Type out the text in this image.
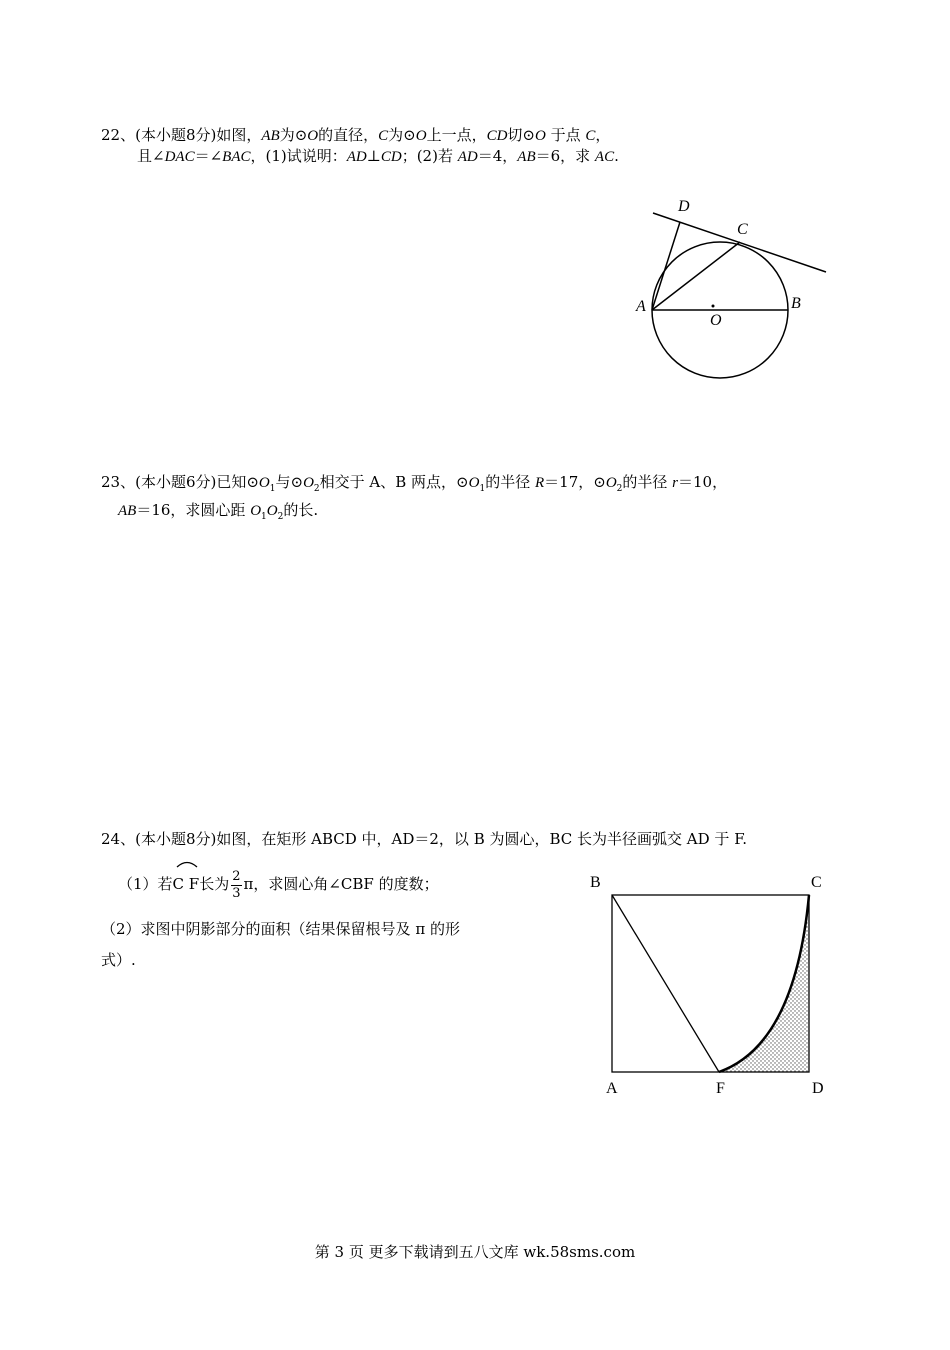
22、(本小题8分)如图，AB为⊙O的直径，C为⊙O上一点，CD切⊙O 于点 C，
且∠DAC＝∠BAC，(1)试说明：AD⊥CD；(2)若 AD＝4，AB＝6，求 AC.
D
C
A	B
O
23、(本小题6分)已知$⊙O_1$与$⊙O_2$相交于 A、B 两点，$⊙O_1$的半径 R＝17，$⊙O_2$的半径 r＝10，
AB＝16，求圆心距 $O_1O_2$的长.
24、(本小题8分)如图，在矩形 ABCD 中，AD＝2，以 B 为圆心，BC 长为半径画弧交 AD 于 F.
（1）若
C F长为 $\frac{2}{3}$ π，求圆心角∠CBF 的度数；
（2）求图中阴影部分的面积（结果保留根号及 π 的形
式）.
B	C
A	F	D
第 3 页 更多下载请到五八文库 wk.58sms.com
